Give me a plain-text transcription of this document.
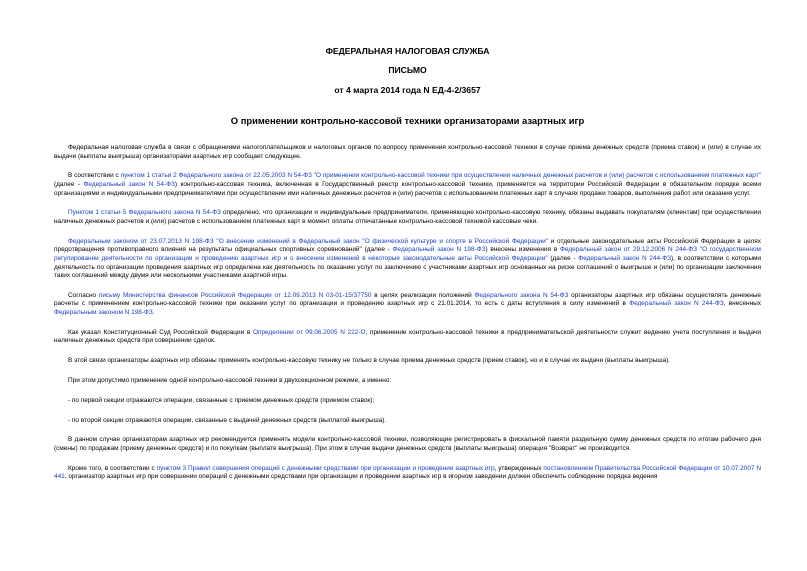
ФЕДЕРАЛЬНАЯ НАЛОГОВАЯ СЛУЖБА
ПИСЬМО
от 4 марта 2014 года N ЕД-4-2/3657
О применении контрольно-кассовой техники организаторами азартных игр

Федеральная налоговая служба в связи с обращениями налогоплательщиков и налоговых органов по вопросу применения контрольно-кассовой техники в случае приема денежных средств (приема ставок) и (или) в случае их выдачи (выплаты выигрыша) организаторами азартных игр сообщает следующее.

В соответствии с пунктом 1 статьи 2 Федерального закона от 22.05.2003 N 54-ФЗ "О применении контрольно-кассовой техники при осуществлении наличных денежных расчетов и (или) расчетов с использованием платежных карт" (далее - Федеральный закон N 54-ФЗ) контрольно-кассовая техника, включенная в Государственный реестр контрольно-кассовой техники, применяется на территории Российской Федерации в обязательном порядке всеми организациями и индивидуальными предпринимателями при осуществлении ими наличных денежных расчетов и (или) расчетов с использованием платежных карт в случаях продажи товаров, выполнения работ или оказания услуг.

Пунктом 1 статьи 5 Федерального закона N 54-ФЗ определено, что организации и индивидуальные предприниматели, применяющие контрольно-кассовую технику, обязаны выдавать покупателям (клиентам) при осуществлении наличных денежных расчетов и (или) расчетов с использованием платежных карт в момент оплаты отпечатанные контрольно-кассовой техникой кассовые чеки.

Федеральным законом от 23.07.2013 N 198-ФЗ "О внесении изменений в Федеральный закон "О физической культуре и спорте в Российской Федерации" и отдельные законодательные акты Российской Федерации в целях предотвращения противоправного влияния на результаты официальных спортивных соревнований" (далее - Федеральный закон N 198-ФЗ) внесены изменения в Федеральный закон от 29.12.2006 N 244-ФЗ "О государственном регулировании деятельности по организации и проведению азартных игр и о внесении изменений в некоторые законодательные акты Российской Федерации" (далее - Федеральный закон N 244-ФЗ), в соответствии с которыми деятельность по организации проведения азартных игр определена как деятельность по оказанию услуг по заключению с участниками азартных игр основанных на риске соглашений о выигрыше и (или) по организации заключения таких соглашений между двумя или несколькими участниками азартной игры.

Согласно письму Министерства финансов Российской Федерации от 12.09.2013 N 03-01-15/37750 в целях реализации положений Федерального закона N 54-ФЗ организаторы азартных игр обязаны осуществлять денежные расчеты с применением контрольно-кассовой техники при оказании услуг по организации и проведению азартных игр с 21.01.2014, то есть с даты вступления в силу изменений в Федеральный закон N 244-ФЗ, внесенных Федеральным законом N 198-ФЗ.

Как указал Конституционный Суд Российской Федерации в Определении от 09.06.2005 N 222-О, применение контрольно-кассовой техники в предпринимательской деятельности служит ведению учета поступления и выдачи наличных денежных средств при совершении сделок.

В этой связи организаторы азартных игр обязаны применять контрольно-кассовую технику не только в случае приема денежных средств (прием ставок), но и в случае их выдачи (выплаты выигрыша).

При этом допустимо применение одной контрольно-кассовой техники в двухсекционном режиме, а именно:

- по первой секции отражаются операции, связанные с приемом денежных средств (приемом ставок);

- по второй секции отражаются операции, связанные с выдачей денежных средств (выплатой выигрыша).

В данном случае организаторам азартных игр рекомендуется применять модели контрольно-кассовой техники, позволяющие регистрировать в фискальной памяти раздельную сумму денежных средств по итогам рабочего дня (смены) по продажам (приему денежных средств) и по покупкам (выплате выигрыша). При этом в случае выдачи денежных средств (выплаты выигрыша) операция "Возврат" не производится.

Кроме того, в соответствии с пунктом 3 Правил совершения операций с денежными средствами при организации и проведении азартных игр, утвержденных постановлением Правительства Российской Федерации от 10.07.2007 N 441, организатор азартных игр при совершении операций с денежными средствами при организации и проведении азартных игр в игорном заведении должен обеспечить соблюдение порядка ведения
